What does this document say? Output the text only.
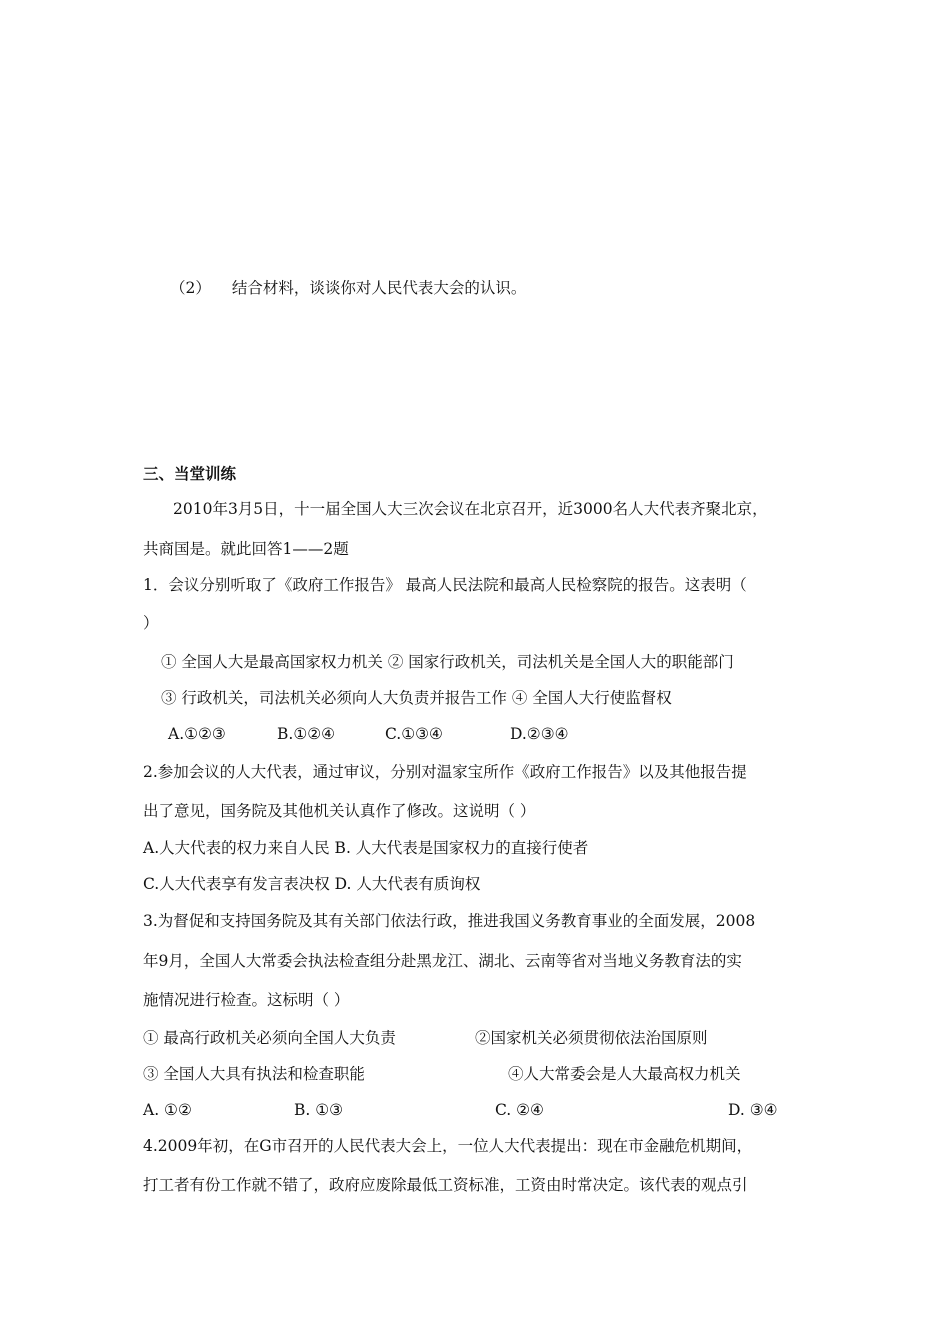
（2） 结合材料，谈谈你对人民代表大会的认识。
三、当堂训练
2010年3月5日，十一届全国人大三次会议在北京召开，近3000名人大代表齐聚北京，
共商国是。就此回答1——2题
1．会议分别听取了《政府工作报告》 最高人民法院和最高人民检察院的报告。这表明（
）
① 全国人大是最高国家权力机关 ② 国家行政机关，司法机关是全国人大的职能部门
③ 行政机关，司法机关必须向人大负责并报告工作 ④ 全国人大行使监督权
A.①②③	B.①②④	C.①③④	D.②③④
2.参加会议的人大代表，通过审议，分别对温家宝所作《政府工作报告》以及其他报告提
出了意见，国务院及其他机关认真作了修改。这说明（ ）
A.人大代表的权力来自人民 B. 人大代表是国家权力的直接行使者
C.人大代表享有发言表决权 D. 人大代表有质询权
3.为督促和支持国务院及其有关部门依法行政，推进我国义务教育事业的全面发展，2008
年9月，全国人大常委会执法检查组分赴黑龙江、湖北、云南等省对当地义务教育法的实
施情况进行检查。这标明（ ）
① 最高行政机关必须向全国人大负责	②国家机关必须贯彻依法治国原则
③ 全国人大具有执法和检查职能	④人大常委会是人大最高权力机关
A. ①②	B. ①③	C. ②④	D. ③④
4.2009年初，在G市召开的人民代表大会上，一位人大代表提出：现在市金融危机期间，
打工者有份工作就不错了，政府应废除最低工资标准，工资由时常决定。该代表的观点引
